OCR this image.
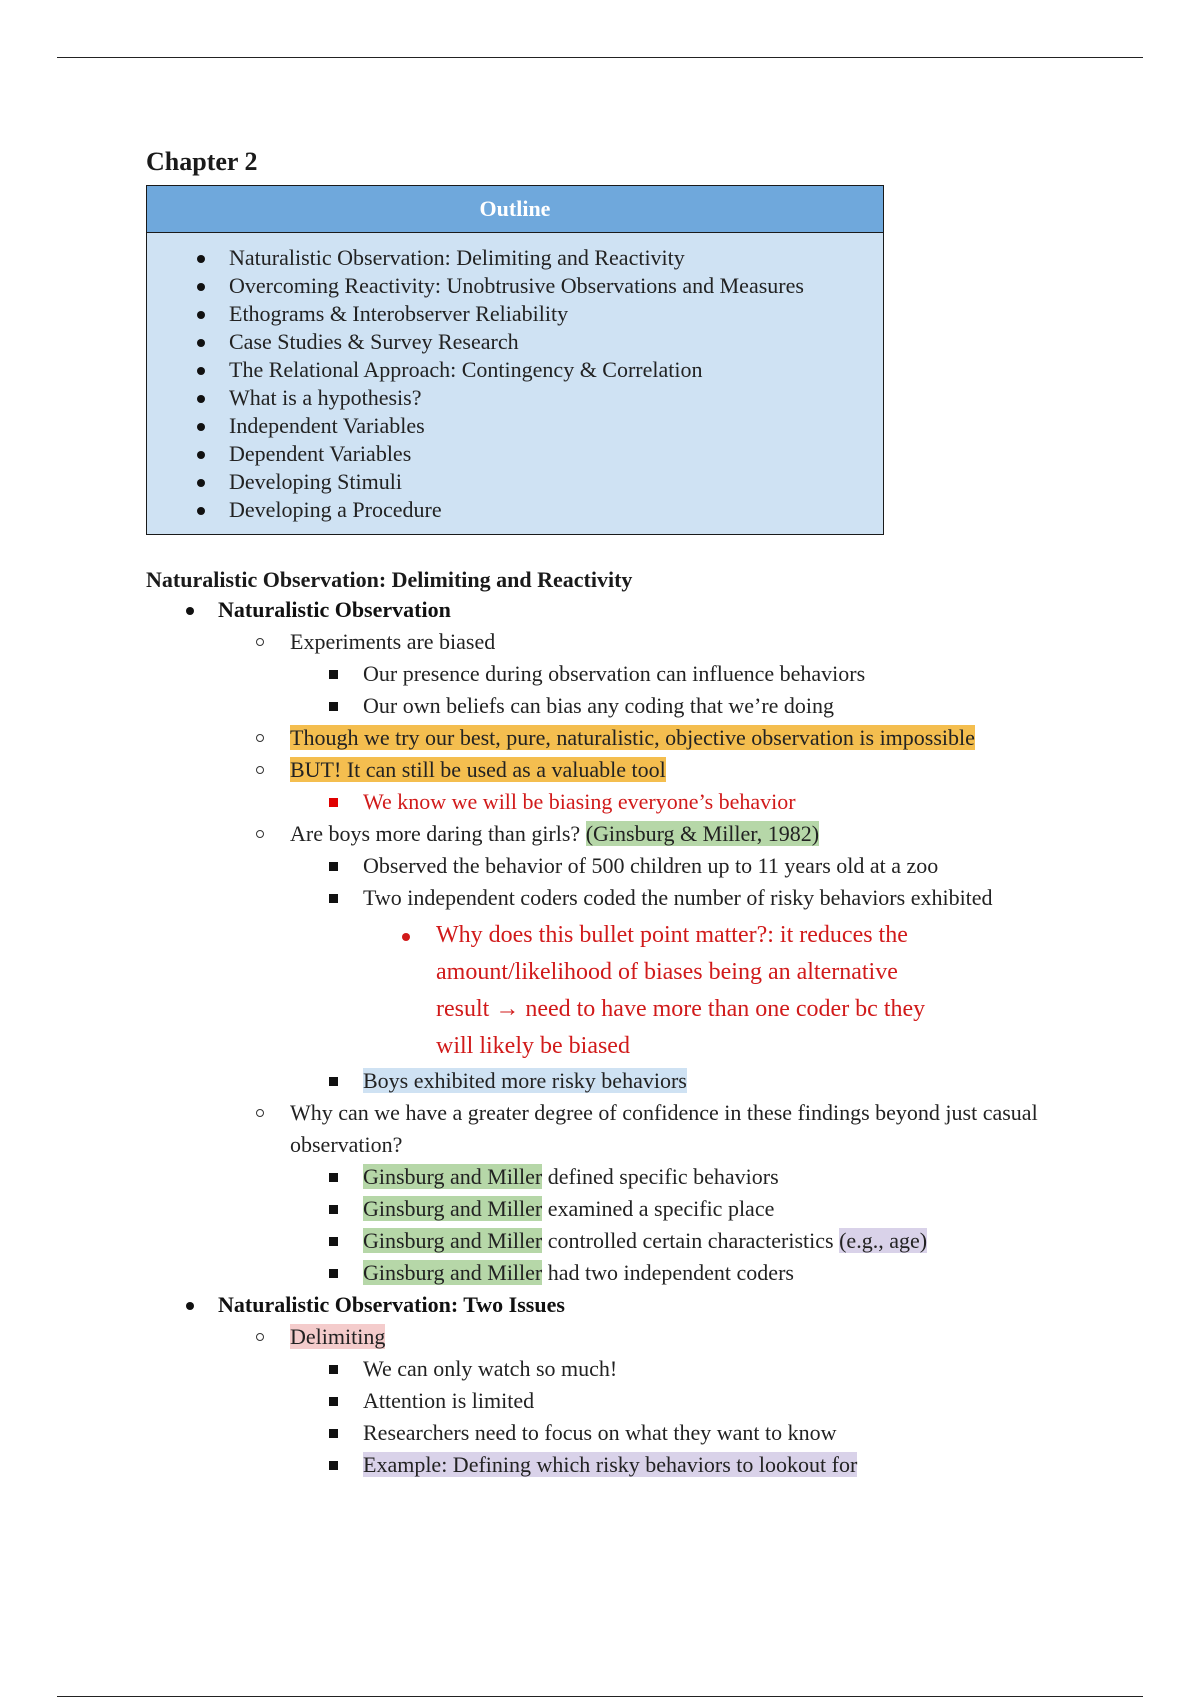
Chapter 2
Outline
Naturalistic Observation: Delimiting and Reactivity
Overcoming Reactivity: Unobtrusive Observations and Measures
Ethograms & Interobserver Reliability
Case Studies & Survey Research
The Relational Approach: Contingency & Correlation
What is a hypothesis?
Independent Variables
Dependent Variables
Developing Stimuli
Developing a Procedure
Naturalistic Observation: Delimiting and Reactivity
Naturalistic Observation
Experiments are biased
Our presence during observation can influence behaviors
Our own beliefs can bias any coding that we’re doing
Though we try our best, pure, naturalistic, objective observation is impossible
BUT! It can still be used as a valuable tool
We know we will be biasing everyone’s behavior
Are boys more daring than girls? (Ginsburg & Miller, 1982)
Observed the behavior of 500 children up to 11 years old at a zoo
Two independent coders coded the number of risky behaviors exhibited
Why does this bullet point matter?: it reduces the amount/likelihood of biases being an alternative result → need to have more than one coder bc they will likely be biased
Boys exhibited more risky behaviors
Why can we have a greater degree of confidence in these findings beyond just casual observation?
Ginsburg and Miller defined specific behaviors
Ginsburg and Miller examined a specific place
Ginsburg and Miller controlled certain characteristics (e.g., age)
Ginsburg and Miller had two independent coders
Naturalistic Observation: Two Issues
Delimiting
We can only watch so much!
Attention is limited
Researchers need to focus on what they want to know
Example: Defining which risky behaviors to lookout for
